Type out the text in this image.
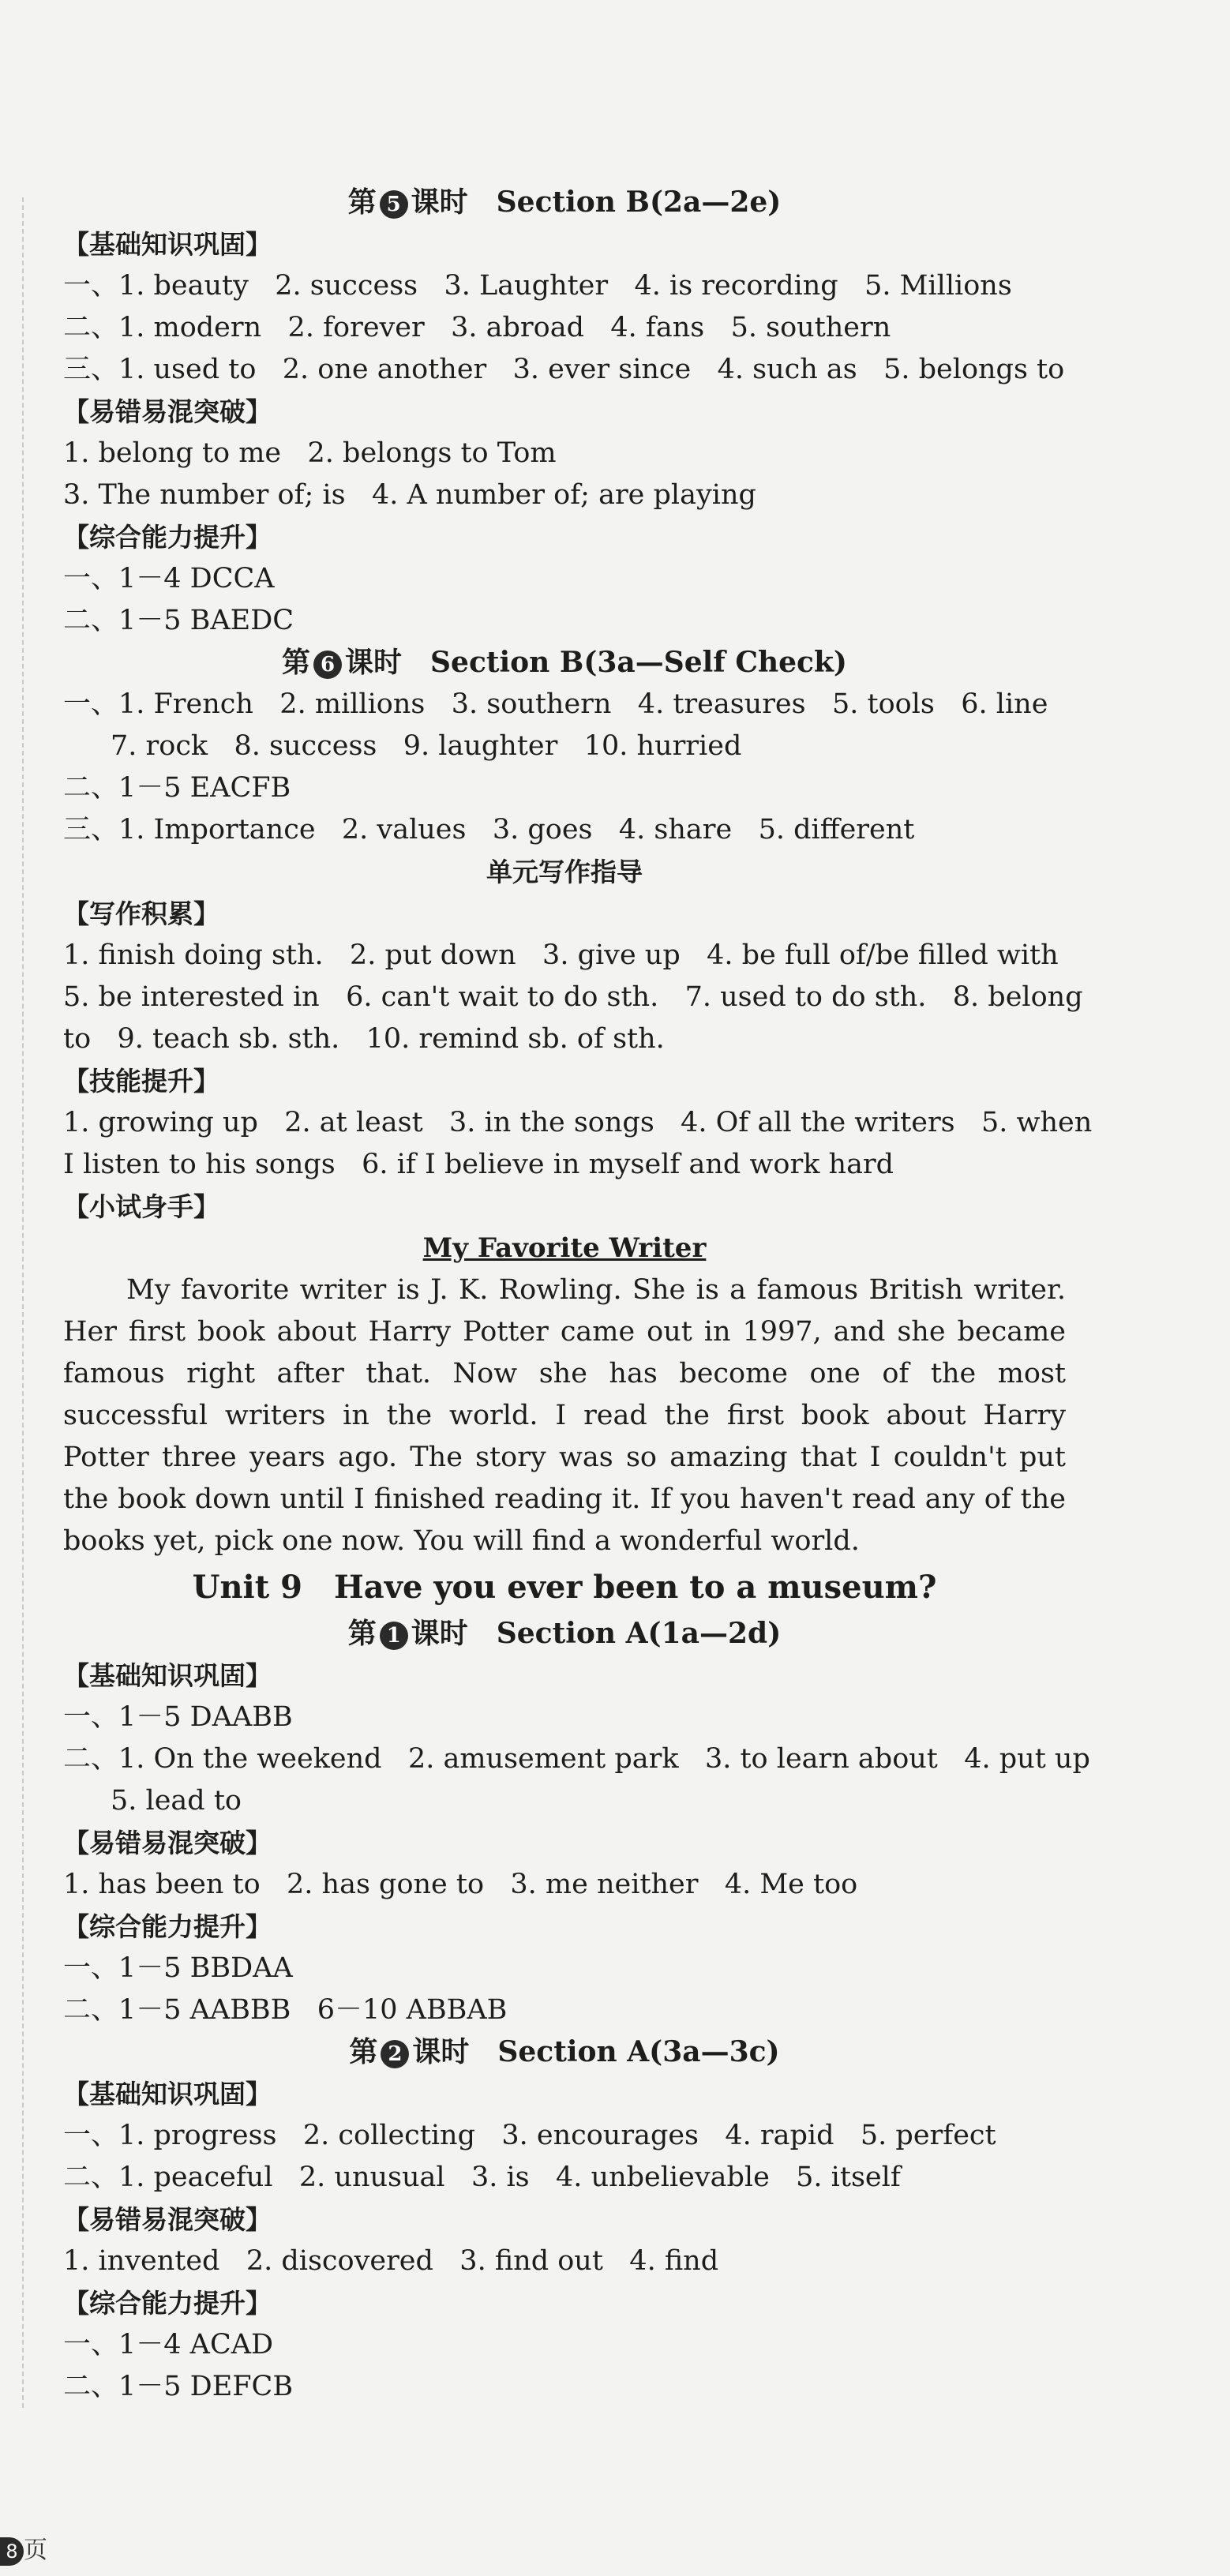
第 5 课时　Section B(2a—2e)
【基础知识巩固】
一、1. beauty   2. success   3. Laughter   4. is recording   5. Millions
二、1. modern   2. forever   3. abroad   4. fans   5. southern
三、1. used to   2. one another   3. ever since   4. such as   5. belongs to
【易错易混突破】
1. belong to me   2. belongs to Tom
3. The number of; is   4. A number of; are playing
【综合能力提升】
一、1－4 DCCA
二、1－5 BAEDC
第 6 课时　Section B(3a—Self Check)
一、1. French   2. millions   3. southern   4. treasures   5. tools   6. line
7. rock   8. success   9. laughter   10. hurried
二、1－5 EACFB
三、1. Importance   2. values   3. goes   4. share   5. different
单元写作指导
【写作积累】
1. finish doing sth.   2. put down   3. give up   4. be full of/be filled with
5. be interested in   6. can't wait to do sth.   7. used to do sth.   8. belong
to   9. teach sb. sth.   10. remind sb. of sth.
【技能提升】
1. growing up   2. at least   3. in the songs   4. Of all the writers   5. when
I listen to his songs   6. if I believe in myself and work hard
【小试身手】
My Favorite Writer
My favorite writer is J. K. Rowling. She is a famous British writer. Her first book about Harry Potter came out in 1997, and she became famous right after that. Now she has become one of the most successful writers in the world. I read the first book about Harry Potter three years ago. The story was so amazing that I couldn't put the book down until I finished reading it. If you haven't read any of the books yet, pick one now. You will find a wonderful world.
Unit 9　Have you ever been to a museum?
第 1 课时　Section A(1a—2d)
【基础知识巩固】
一、1－5 DAABB
二、1. On the weekend   2. amusement park   3. to learn about   4. put up
5. lead to
【易错易混突破】
1. has been to   2. has gone to   3. me neither   4. Me too
【综合能力提升】
一、1－5 BBDAA
二、1－5 AABBB   6－10 ABBAB
第 2 课时　Section A(3a—3c)
【基础知识巩固】
一、1. progress   2. collecting   3. encourages   4. rapid   5. perfect
二、1. peaceful   2. unusual   3. is   4. unbelievable   5. itself
【易错易混突破】
1. invented   2. discovered   3. find out   4. find
【综合能力提升】
一、1－4 ACAD
二、1－5 DEFCB
8 页
